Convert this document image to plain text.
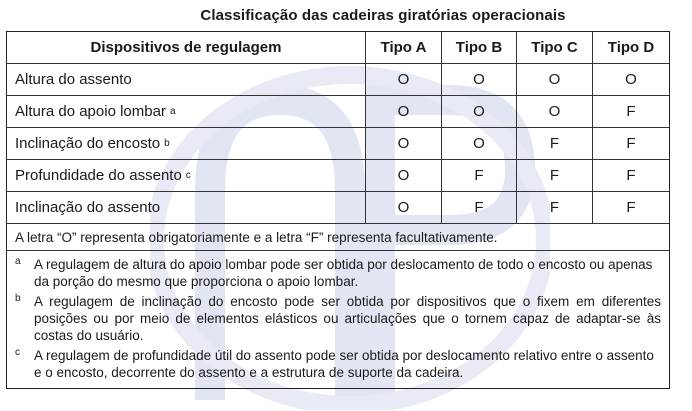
Classificação das cadeiras giratórias operacionais
Dispositivos de regulagem	Tipo A	Tipo B	Tipo C	Tipo D
Altura do assento	O	O	O	O
Altura do apoio lombar a	O	O	O	F
Inclinação do encosto b	O	O	F	F
Profundidade do assento c	O	F	F	F
Inclinação do assento	O	F	F	F
A letra “O” representa obrigatoriamente e a letra “F” representa facultativamente.
a A regulagem de altura do apoio lombar pode ser obtida por deslocamento de todo o encosto ou apenas da porção do mesmo que proporciona o apoio lombar.
b A regulagem de inclinação do encosto pode ser obtida por dispositivos que o fixem em diferentes posições ou por meio de elementos elásticos ou articulações que o tornem capaz de adaptar-se às costas do usuário.
c	A regulagem de profundidade útil do assento pode ser obtida por deslocamento relativo entre o assento e o encosto, decorrente do assento e a estrutura de suporte da cadeira.
